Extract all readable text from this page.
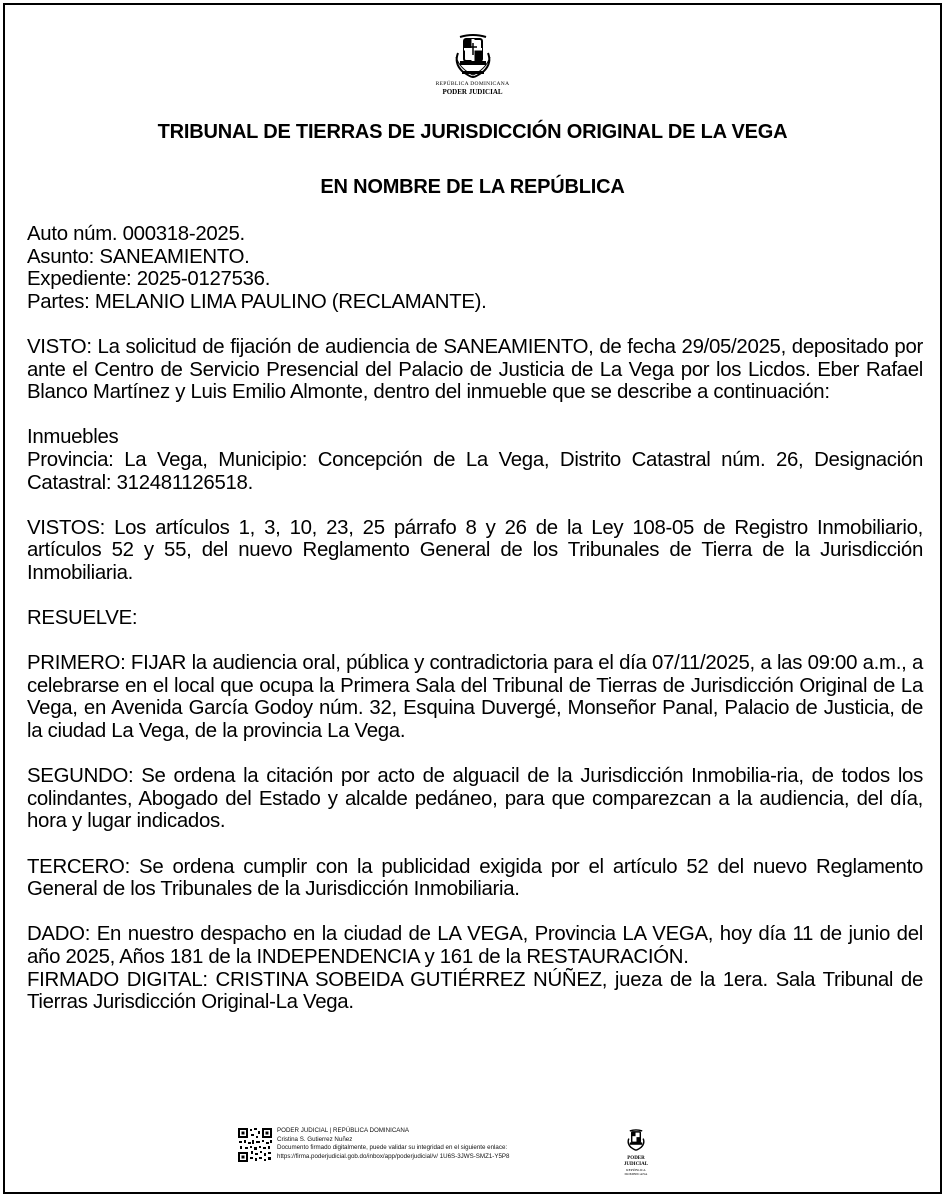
REPÚBLICA DOMINICANA
PODER JUDICIAL
TRIBUNAL DE TIERRAS DE JURISDICCIÓN ORIGINAL DE LA VEGA
EN NOMBRE DE LA REPÚBLICA

Auto núm. 000318-2025.

Asunto: SANEAMIENTO.

Expediente: 2025-0127536.

Partes: MELANIO LIMA PAULINO (RECLAMANTE).

VISTO: La solicitud de fijación de audiencia de SANEAMIENTO, de fecha 29/05/2025, depositado por ante el Centro de Servicio Presencial del Palacio de Justicia de La Vega por los Licdos. Eber Rafael Blanco Martínez y Luis Emilio Almonte, dentro del inmueble que se describe a continuación:

Inmuebles

Provincia: La Vega, Municipio: Concepción de La Vega, Distrito Catastral núm. 26, Designación Catastral: 312481126518.

VISTOS: Los artículos 1, 3, 10, 23, 25 párrafo 8 y 26 de la Ley 108-05 de Registro Inmobiliario, artículos 52 y 55, del nuevo Reglamento General de los Tribunales de Tierra de la Jurisdicción Inmobiliaria.

RESUELVE:

PRIMERO: FIJAR la audiencia oral, pública y contradictoria para el día 07/11/2025, a las 09:00 a.m., a celebrarse en el local que ocupa la Primera Sala del Tribunal de Tierras de Jurisdicción Original de La Vega, en Avenida García Godoy núm. 32, Esquina Duvergé, Monseñor Panal, Palacio de Justicia, de la ciudad La Vega, de la provincia La Vega.

SEGUNDO: Se ordena la citación por acto de alguacil de la Jurisdicción Inmobilia-ria, de todos los colindantes, Abogado del Estado y alcalde pedáneo, para que comparezcan a la audiencia, del día, hora y lugar indicados.

TERCERO: Se ordena cumplir con la publicidad exigida por el artículo 52 del nuevo Reglamento General de los Tribunales de la Jurisdicción Inmobiliaria.

DADO: En nuestro despacho en la ciudad de LA VEGA, Provincia LA VEGA, hoy día 11 de junio del año 2025, Años 181 de la INDEPENDENCIA y 161 de la RESTAURACIÓN.

FIRMADO DIGITAL: CRISTINA SOBEIDA GUTIÉRREZ NÚÑEZ, jueza de la 1era. Sala Tribunal de Tierras Jurisdicción Original-La Vega.

PODER JUDICIAL | REPÚBLICA DOMINICANA
Cristina S. Gutierrez Nuñez
Documento firmado digitalmente, puede validar su integridad en el siguiente enlace:
https://firma.poderjudicial.gob.do/inbox/app/poderjudicial/v/ 1U6S-3JWS-SMZ1-Y5P8	PODER JUDICIAL
REPÚBLICA DOMINICANA
